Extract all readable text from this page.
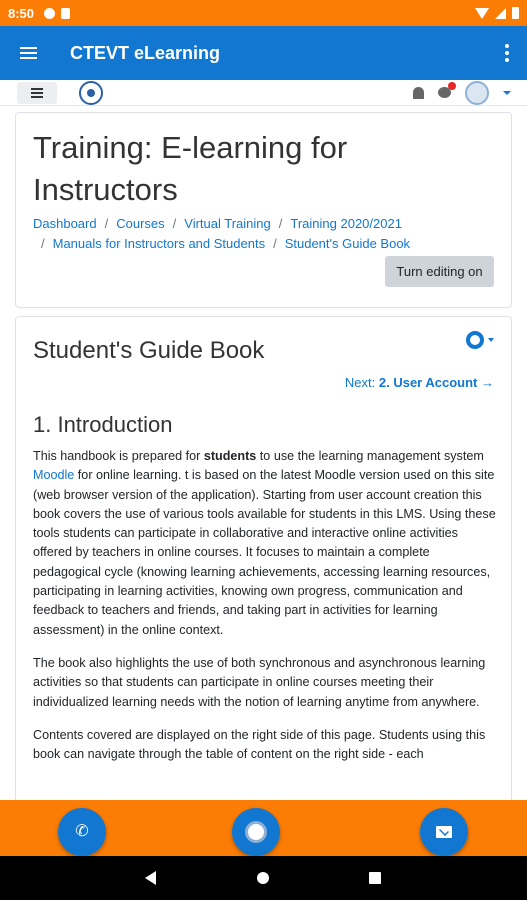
8:50
CTEVT eLearning
Training: E-learning for Instructors
Dashboard / Courses / Virtual Training / Training 2020/2021
/ Manuals for Instructors and Students / Student's Guide Book
Turn editing on
Student's Guide Book
Next: 2. User Account →
1. Introduction

This handbook is prepared for students to use the learning management system Moodle for online learning. t is based on the latest Moodle version used on this site (web browser version of the application). Starting from user account creation this book covers the use of various tools available for students in this LMS. Using these tools students can participate in collaborative and interactive online activities offered by teachers in online courses. It focuses to maintain a complete pedagogical cycle (knowing learning achievements, accessing learning resources, participating in learning activities, knowing own progress, communication and feedback to teachers and friends, and taking part in activities for learning assessment) in the online context.

The book also highlights the use of both synchronous and asynchronous learning activities so that students can participate in online courses meeting their individualized learning needs with the notion of learning anytime from anywhere.

Contents covered are displayed on the right side of this page. Students using this book can navigate through the table of content on the right side - each

✆
